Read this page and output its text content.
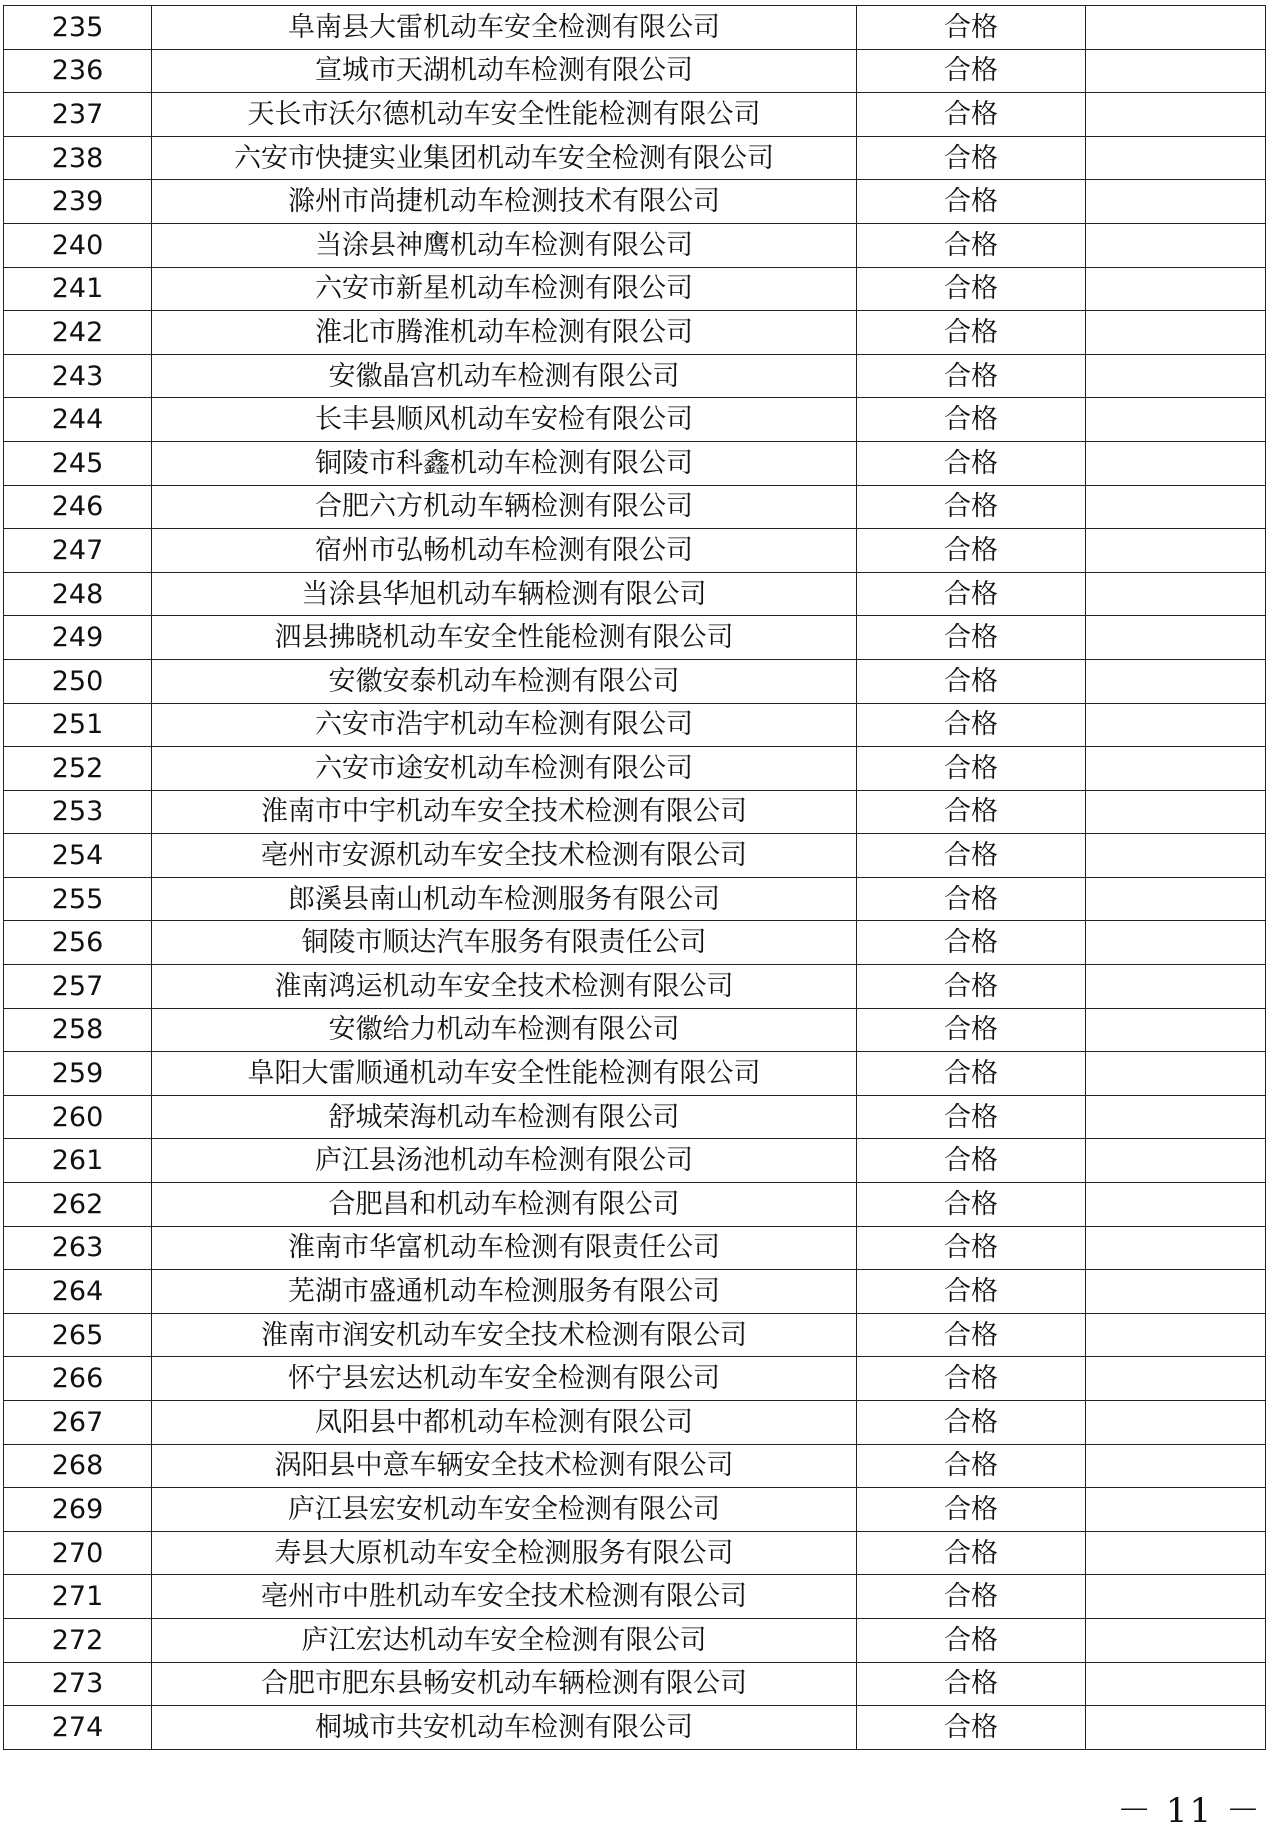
235	阜南县大雷机动车安全检测有限公司	合格	
236	宣城市天湖机动车检测有限公司	合格	
237	天长市沃尔德机动车安全性能检测有限公司	合格	
238	六安市快捷实业集团机动车安全检测有限公司	合格	
239	滁州市尚捷机动车检测技术有限公司	合格	
240	当涂县神鹰机动车检测有限公司	合格	
241	六安市新星机动车检测有限公司	合格	
242	淮北市腾淮机动车检测有限公司	合格	
243	安徽晶宫机动车检测有限公司	合格	
244	长丰县顺风机动车安检有限公司	合格	
245	铜陵市科鑫机动车检测有限公司	合格	
246	合肥六方机动车辆检测有限公司	合格	
247	宿州市弘畅机动车检测有限公司	合格	
248	当涂县华旭机动车辆检测有限公司	合格	
249	泗县拂晓机动车安全性能检测有限公司	合格	
250	安徽安泰机动车检测有限公司	合格	
251	六安市浩宇机动车检测有限公司	合格	
252	六安市途安机动车检测有限公司	合格	
253	淮南市中宇机动车安全技术检测有限公司	合格	
254	亳州市安源机动车安全技术检测有限公司	合格	
255	郎溪县南山机动车检测服务有限公司	合格	
256	铜陵市顺达汽车服务有限责任公司	合格	
257	淮南鸿运机动车安全技术检测有限公司	合格	
258	安徽给力机动车检测有限公司	合格	
259	阜阳大雷顺通机动车安全性能检测有限公司	合格	
260	舒城荣海机动车检测有限公司	合格	
261	庐江县汤池机动车检测有限公司	合格	
262	合肥昌和机动车检测有限公司	合格	
263	淮南市华富机动车检测有限责任公司	合格	
264	芜湖市盛通机动车检测服务有限公司	合格	
265	淮南市润安机动车安全技术检测有限公司	合格	
266	怀宁县宏达机动车安全检测有限公司	合格	
267	凤阳县中都机动车检测有限公司	合格	
268	涡阳县中意车辆安全技术检测有限公司	合格	
269	庐江县宏安机动车安全检测有限公司	合格	
270	寿县大原机动车安全检测服务有限公司	合格	
271	亳州市中胜机动车安全技术检测有限公司	合格	
272	庐江宏达机动车安全检测有限公司	合格	
273	合肥市肥东县畅安机动车辆检测有限公司	合格	
274	桐城市共安机动车检测有限公司	合格	
－ 11 －
